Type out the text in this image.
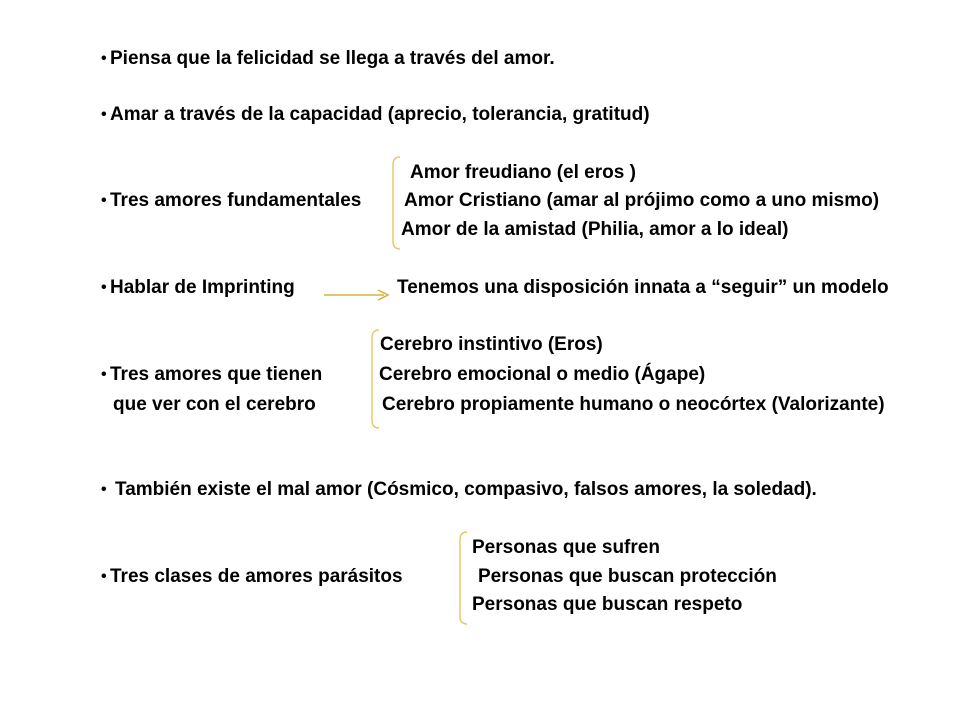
• Piensa que la felicidad se llega a través del amor.
• Amar a través de la capacidad (aprecio, tolerancia, gratitud)
Amor freudiano (el eros )
• Tres amores fundamentales Amor Cristiano (amar al prójimo como a uno mismo)
Amor de la amistad (Philia, amor a lo ideal)
• Hablar de Imprinting	Tenemos una disposición innata a “seguir” un modelo
Cerebro instintivo (Eros)
• Tres amores que tienen	Cerebro emocional o medio (Ágape)
que ver con el cerebro	Cerebro propiamente humano o neocórtex (Valorizante)
• También existe el mal amor (Cósmico, compasivo, falsos amores, la soledad).
Personas que sufren
• Tres clases de amores parásitos	Personas que buscan protección
Personas que buscan respeto
